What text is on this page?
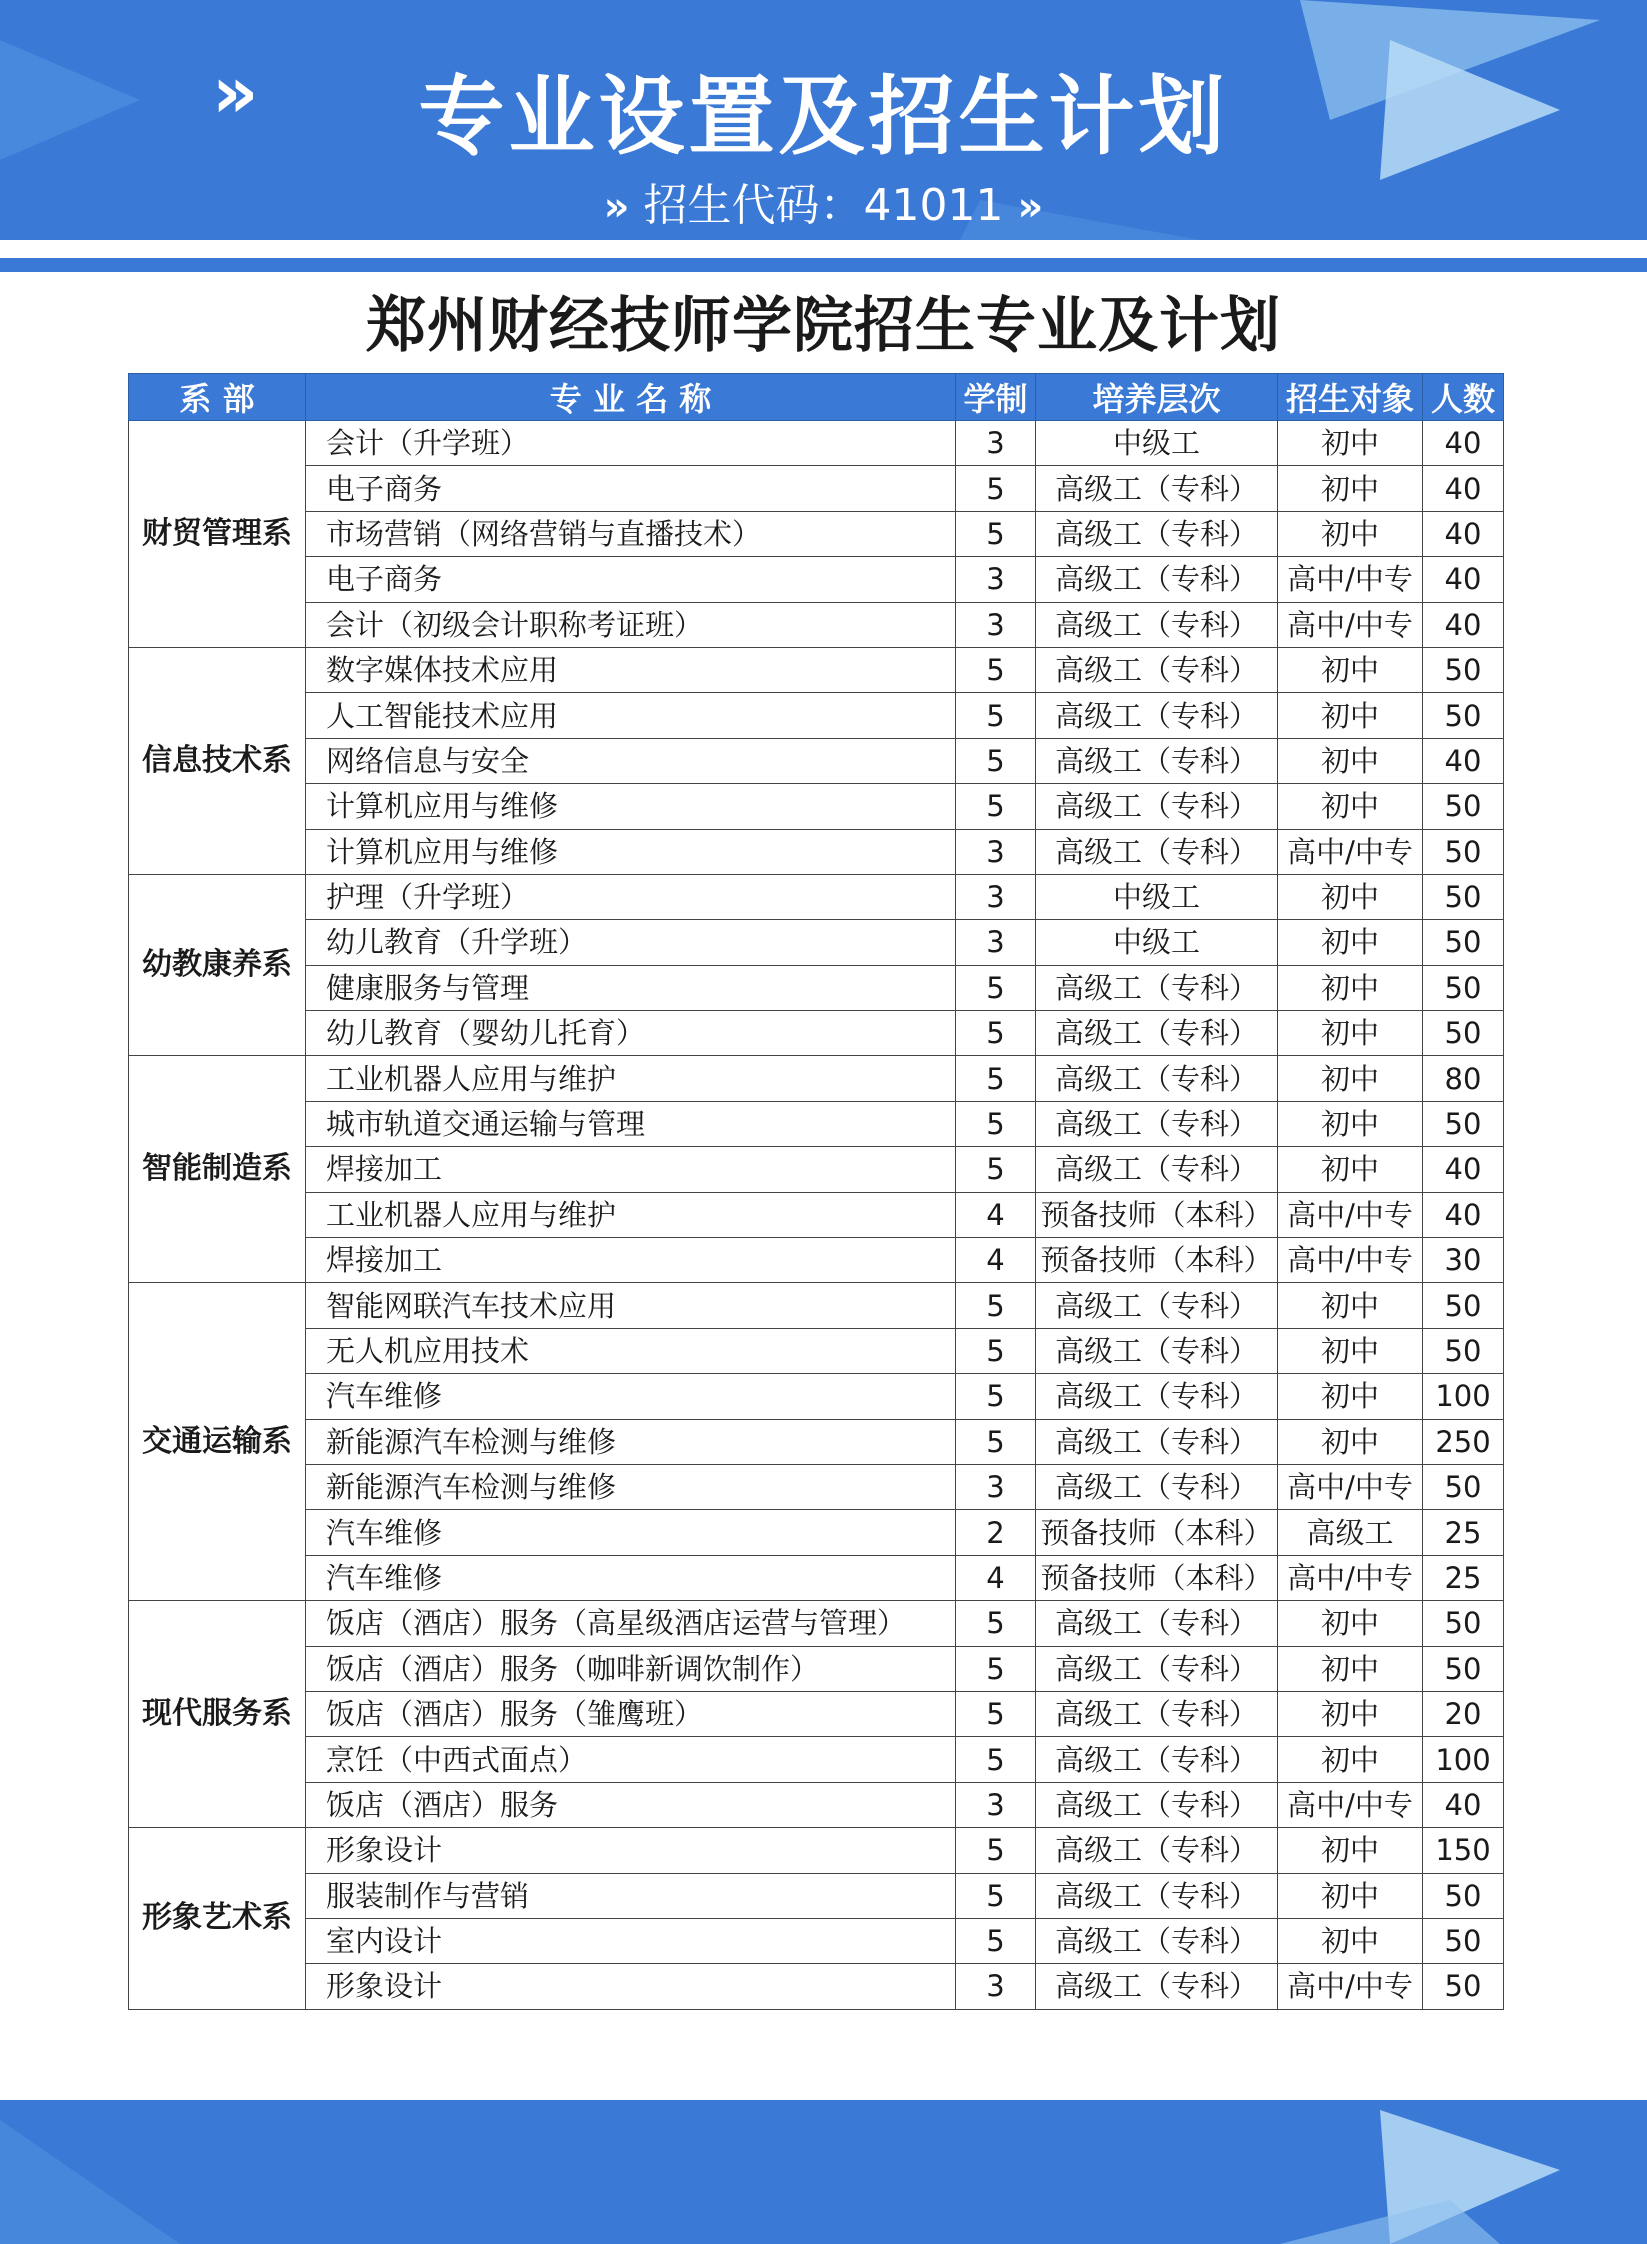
»	专业设置及招生计划
» 招生代码：41011 »
郑州财经技师学院招生专业及计划
系 部	专 业 名 称	学制	培养层次	招生对象	人数
财贸管理系	会计（升学班）	3	中级工	初中	40
	电子商务	5	高级工（专科）	初中	40
	市场营销（网络营销与直播技术）	5	高级工（专科）	初中	40
	电子商务	3	高级工（专科）	高中/中专	40
	会计（初级会计职称考证班）	3	高级工（专科）	高中/中专	40
信息技术系	数字媒体技术应用	5	高级工（专科）	初中	50
	人工智能技术应用	5	高级工（专科）	初中	50
	网络信息与安全	5	高级工（专科）	初中	40
	计算机应用与维修	5	高级工（专科）	初中	50
	计算机应用与维修	3	高级工（专科）	高中/中专	50
幼教康养系	护理（升学班）	3	中级工	初中	50
	幼儿教育（升学班）	3	中级工	初中	50
	健康服务与管理	5	高级工（专科）	初中	50
	幼儿教育（婴幼儿托育）	5	高级工（专科）	初中	50
智能制造系	工业机器人应用与维护	5	高级工（专科）	初中	80
	城市轨道交通运输与管理	5	高级工（专科）	初中	50
	焊接加工	5	高级工（专科）	初中	40
	工业机器人应用与维护	4	预备技师（本科）	高中/中专	40
	焊接加工	4	预备技师（本科）	高中/中专	30
交通运输系	智能网联汽车技术应用	5	高级工（专科）	初中	50
	无人机应用技术	5	高级工（专科）	初中	50
	汽车维修	5	高级工（专科）	初中	100
	新能源汽车检测与维修	5	高级工（专科）	初中	250
	新能源汽车检测与维修	3	高级工（专科）	高中/中专	50
	汽车维修	2	预备技师（本科）	高级工	25
	汽车维修	4	预备技师（本科）	高中/中专	25
现代服务系	饭店（酒店）服务（高星级酒店运营与管理）	5	高级工（专科）	初中	50
	饭店（酒店）服务（咖啡新调饮制作）	5	高级工（专科）	初中	50
	饭店（酒店）服务（雏鹰班）	5	高级工（专科）	初中	20
	烹饪（中西式面点）	5	高级工（专科）	初中	100
	饭店（酒店）服务	3	高级工（专科）	高中/中专	40
形象艺术系	形象设计	5	高级工（专科）	初中	150
	服装制作与营销	5	高级工（专科）	初中	50
	室内设计	5	高级工（专科）	初中	50
	形象设计	3	高级工（专科）	高中/中专	50
